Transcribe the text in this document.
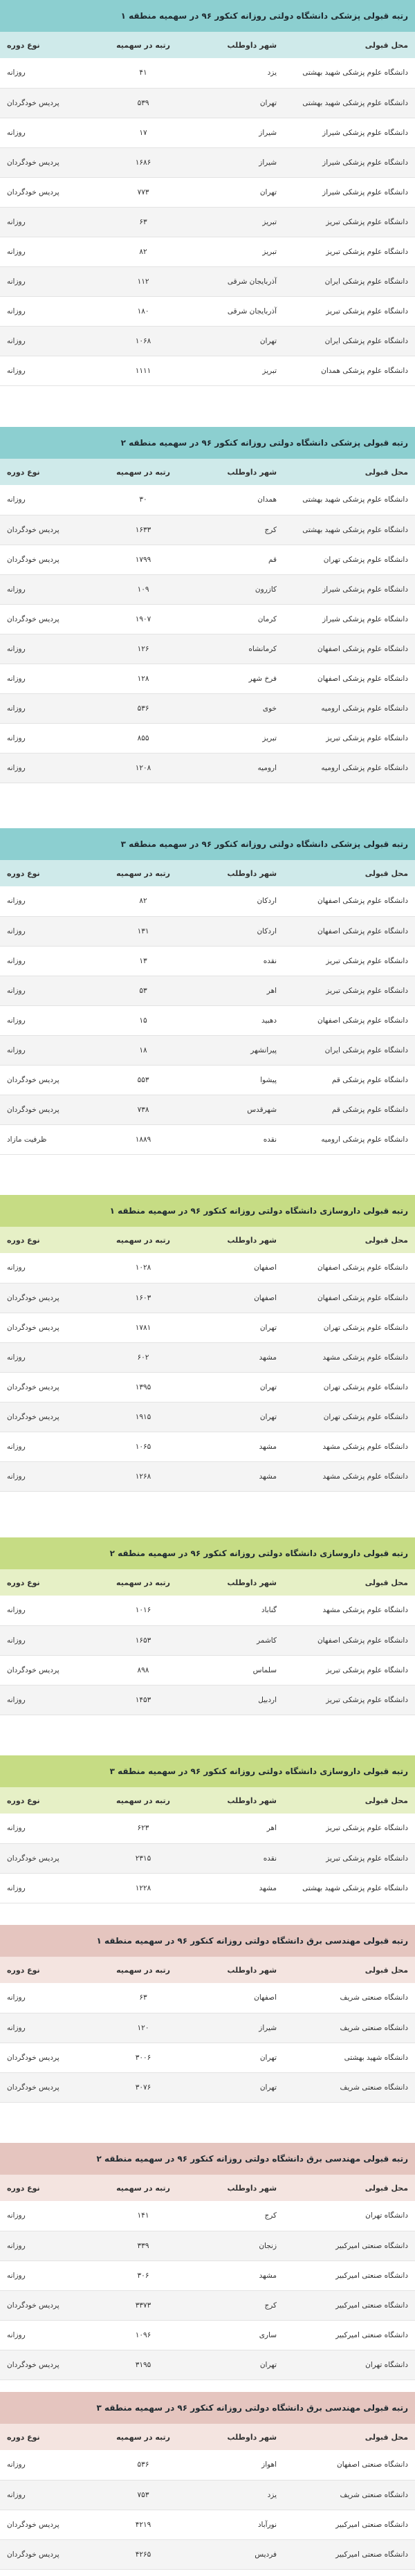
رتبه قبولی پزشکی دانشگاه دولتی روزانه کنکور ۹۶ در سهمیه منطقه ۱			
محل قبولی	شهر داوطلب	رتبه در سهمیه	نوع دوره
دانشگاه علوم پزشکی شهید بهشتی	یزد	۴۱	روزانه
دانشگاه علوم پزشکی شهید بهشتی	تهران	۵۳۹	پردیس خودگردان
دانشگاه علوم پزشکی شیراز	شیراز	۱۷	روزانه
دانشگاه علوم پزشکی شیراز	شیراز	۱۶۸۶	پردیس خودگردان
دانشگاه علوم پزشکی شیراز	تهران	۷۷۳	پردیس خودگردان
دانشگاه علوم پزشکی تبریز	تبریز	۶۳	روزانه
دانشگاه علوم پزشکی تبریز	تبریز	۸۲	روزانه
دانشگاه علوم پزشکی ایران	آذربایجان شرقی	۱۱۲	روزانه
دانشگاه علوم پزشکی تبریز	آذربایجان شرقی	۱۸۰	روزانه
دانشگاه علوم پزشکی ایران	تهران	۱۰۶۸	روزانه
دانشگاه علوم پزشکی همدان	تبریز	۱۱۱۱	روزانه
رتبه قبولی پزشکی دانشگاه دولتی روزانه کنکور ۹۶ در سهمیه منطقه ۲			
محل قبولی	شهر داوطلب	رتبه در سهمیه	نوع دوره
دانشگاه علوم پزشکی شهید بهشتی	همدان	۳۰	روزانه
دانشگاه علوم پزشکی شهید بهشتی	کرج	۱۶۳۳	پردیس خودگردان
دانشگاه علوم پزشکی تهران	قم	۱۷۹۹	پردیس خودگردان
دانشگاه علوم پزشکی شیراز	کازرون	۱۰۹	روزانه
دانشگاه علوم پزشکی شیراز	کرمان	۱۹۰۷	پردیس خودگردان
دانشگاه علوم پزشکی اصفهان	کرمانشاه	۱۲۶	روزانه
دانشگاه علوم پزشکی اصفهان	فرخ شهر	۱۲۸	روزانه
دانشگاه علوم پزشکی ارومیه	خوی	۵۳۶	روزانه
دانشگاه علوم پزشکی تبریز	تبریز	۸۵۵	روزانه
دانشگاه علوم پزشکی ارومیه	ارومیه	۱۲۰۸	روزانه
رتبه قبولی پزشکی دانشگاه دولتی روزانه کنکور ۹۶ در سهمیه منطقه ۳			
محل قبولی	شهر داوطلب	رتبه در سهمیه	نوع دوره
دانشگاه علوم پزشکی اصفهان	اردکان	۸۲	روزانه
دانشگاه علوم پزشکی اصفهان	اردکان	۱۳۱	روزانه
دانشگاه علوم پزشکی تبریز	نقده	۱۳	روزانه
دانشگاه علوم پزشکی تبریز	اهر	۵۳	روزانه
دانشگاه علوم پزشکی اصفهان	دهبید	۱۵	روزانه
دانشگاه علوم پزشکی ایران	پیرانشهر	۱۸	روزانه
دانشگاه علوم پزشکی قم	پیشوا	۵۵۳	پردیس خودگردان
دانشگاه علوم پزشکی قم	شهرقدس	۷۳۸	پردیس خودگردان
دانشگاه علوم پزشکی ارومیه	نقده	۱۸۸۹	ظرفیت مازاد
رتبه قبولی داروسازی دانشگاه دولتی روزانه کنکور ۹۶ در سهمیه منطقه ۱			
محل قبولی	شهر داوطلب	رتبه در سهمیه	نوع دوره
دانشگاه علوم پزشکی اصفهان	اصفهان	۱۰۲۸	روزانه
دانشگاه علوم پزشکی اصفهان	اصفهان	۱۶۰۳	پردیس خودگردان
دانشگاه علوم پزشکی تهران	تهران	۱۷۸۱	پردیس خودگردان
دانشگاه علوم پزشکی مشهد	مشهد	۶۰۲	روزانه
دانشگاه علوم پزشکی تهران	تهران	۱۳۹۵	پردیس خودگردان
دانشگاه علوم پزشکی تهران	تهران	۱۹۱۵	پردیس خودگردان
دانشگاه علوم پزشکی مشهد	مشهد	۱۰۶۵	روزانه
دانشگاه علوم پزشکی مشهد	مشهد	۱۲۶۸	روزانه
رتبه قبولی داروسازی دانشگاه دولتی روزانه کنکور ۹۶ در سهمیه منطقه ۲			
محل قبولی	شهر داوطلب	رتبه در سهمیه	نوع دوره
دانشگاه علوم پزشکی مشهد	گناباد	۱۰۱۶	روزانه
دانشگاه علوم پزشکی اصفهان	کاشمر	۱۶۵۳	روزانه
دانشگاه علوم پزشکی تبریز	سلماس	۸۹۸	پردیس خودگردان
دانشگاه علوم پزشکی تبریز	اردبیل	۱۴۵۳	روزانه
رتبه قبولی داروسازی دانشگاه دولتی روزانه کنکور ۹۶ در سهمیه منطقه ۳			
محل قبولی	شهر داوطلب	رتبه در سهمیه	نوع دوره
دانشگاه علوم پزشکی تبریز	اهر	۶۲۳	روزانه
دانشگاه علوم پزشکی تبریز	نقده	۲۳۱۵	پردیس خودگردان
دانشگاه علوم پزشکی شهید بهشتی	مشهد	۱۲۲۸	روزانه
رتبه قبولی مهندسی برق دانشگاه دولتی روزانه کنکور ۹۶ در سهمیه منطقه ۱			
محل قبولی	شهر داوطلب	رتبه در سهمیه	نوع دوره
دانشگاه صنعتی شریف	اصفهان	۶۳	روزانه
دانشگاه صنعتی شریف	شیراز	۱۲۰	روزانه
دانشگاه شهید بهشتی	تهران	۳۰۰۶	پردیس خودگردان
دانشگاه صنعتی شریف	تهران	۳۰۷۶	پردیس خودگردان
رتبه قبولی مهندسی برق دانشگاه دولتی روزانه کنکور ۹۶ در سهمیه منطقه ۲			
محل قبولی	شهر داوطلب	رتبه در سهمیه	نوع دوره
دانشگاه تهران	کرج	۱۴۱	روزانه
دانشگاه صنعتی امیرکبیر	زنجان	۳۳۹	روزانه
دانشگاه صنعتی امیرکبیر	مشهد	۳۰۶	روزانه
دانشگاه صنعتی امیرکبیر	کرج	۳۳۷۳	پردیس خودگردان
دانشگاه صنعتی امیرکبیر	ساری	۱۰۹۶	روزانه
دانشگاه تهران	تهران	۳۱۹۵	پردیس خودگردان
رتبه قبولی مهندسی برق دانشگاه دولتی روزانه کنکور ۹۶ در سهمیه منطقه ۳			
محل قبولی	شهر داوطلب	رتبه در سهمیه	نوع دوره
دانشگاه صنعتی اصفهان	اهواز	۵۳۶	روزانه
دانشگاه صنعتی شریف	یزد	۷۵۳	روزانه
دانشگاه صنعتی امیرکبیر	نورآباد	۴۲۱۹	پردیس خودگردان
دانشگاه صنعتی امیرکبیر	فردیس	۴۲۶۵	پردیس خودگردان
